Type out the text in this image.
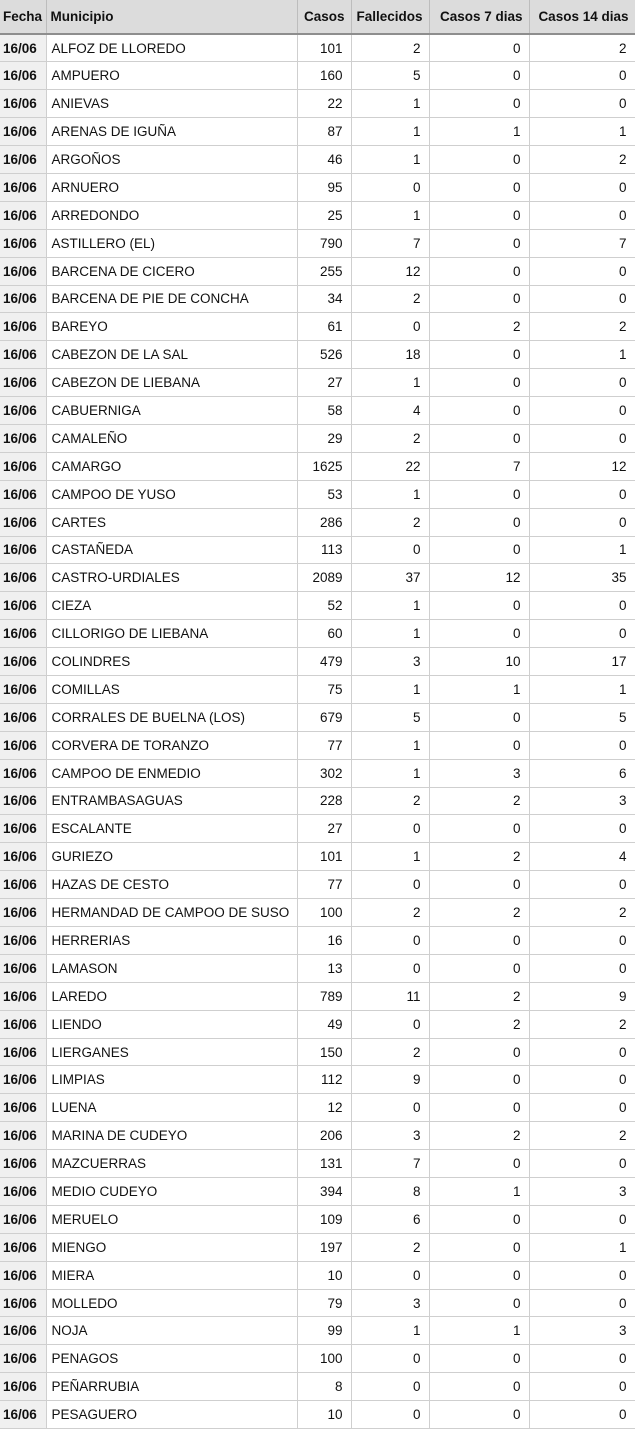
Fecha	Municipio	Casos	Fallecidos	Casos 7 dias	Casos 14 dias
16/06	ALFOZ DE LLOREDO	101	2	0	2
16/06	AMPUERO	160	5	0	0
16/06	ANIEVAS	22	1	0	0
16/06	ARENAS DE IGUÑA	87	1	1	1
16/06	ARGOÑOS	46	1	0	2
16/06	ARNUERO	95	0	0	0
16/06	ARREDONDO	25	1	0	0
16/06	ASTILLERO (EL)	790	7	0	7
16/06	BARCENA DE CICERO	255	12	0	0
16/06	BARCENA DE PIE DE CONCHA	34	2	0	0
16/06	BAREYO	61	0	2	2
16/06	CABEZON DE LA SAL	526	18	0	1
16/06	CABEZON DE LIEBANA	27	1	0	0
16/06	CABUERNIGA	58	4	0	0
16/06	CAMALEÑO	29	2	0	0
16/06	CAMARGO	1625	22	7	12
16/06	CAMPOO DE YUSO	53	1	0	0
16/06	CARTES	286	2	0	0
16/06	CASTAÑEDA	113	0	0	1
16/06	CASTRO-URDIALES	2089	37	12	35
16/06	CIEZA	52	1	0	0
16/06	CILLORIGO DE LIEBANA	60	1	0	0
16/06	COLINDRES	479	3	10	17
16/06	COMILLAS	75	1	1	1
16/06	CORRALES DE BUELNA (LOS)	679	5	0	5
16/06	CORVERA DE TORANZO	77	1	0	0
16/06	CAMPOO DE ENMEDIO	302	1	3	6
16/06	ENTRAMBASAGUAS	228	2	2	3
16/06	ESCALANTE	27	0	0	0
16/06	GURIEZO	101	1	2	4
16/06	HAZAS DE CESTO	77	0	0	0
16/06	HERMANDAD DE CAMPOO DE SUSO	100	2	2	2
16/06	HERRERIAS	16	0	0	0
16/06	LAMASON	13	0	0	0
16/06	LAREDO	789	11	2	9
16/06	LIENDO	49	0	2	2
16/06	LIERGANES	150	2	0	0
16/06	LIMPIAS	112	9	0	0
16/06	LUENA	12	0	0	0
16/06	MARINA DE CUDEYO	206	3	2	2
16/06	MAZCUERRAS	131	7	0	0
16/06	MEDIO CUDEYO	394	8	1	3
16/06	MERUELO	109	6	0	0
16/06	MIENGO	197	2	0	1
16/06	MIERA	10	0	0	0
16/06	MOLLEDO	79	3	0	0
16/06	NOJA	99	1	1	3
16/06	PENAGOS	100	0	0	0
16/06	PEÑARRUBIA	8	0	0	0
16/06	PESAGUERO	10	0	0	0
